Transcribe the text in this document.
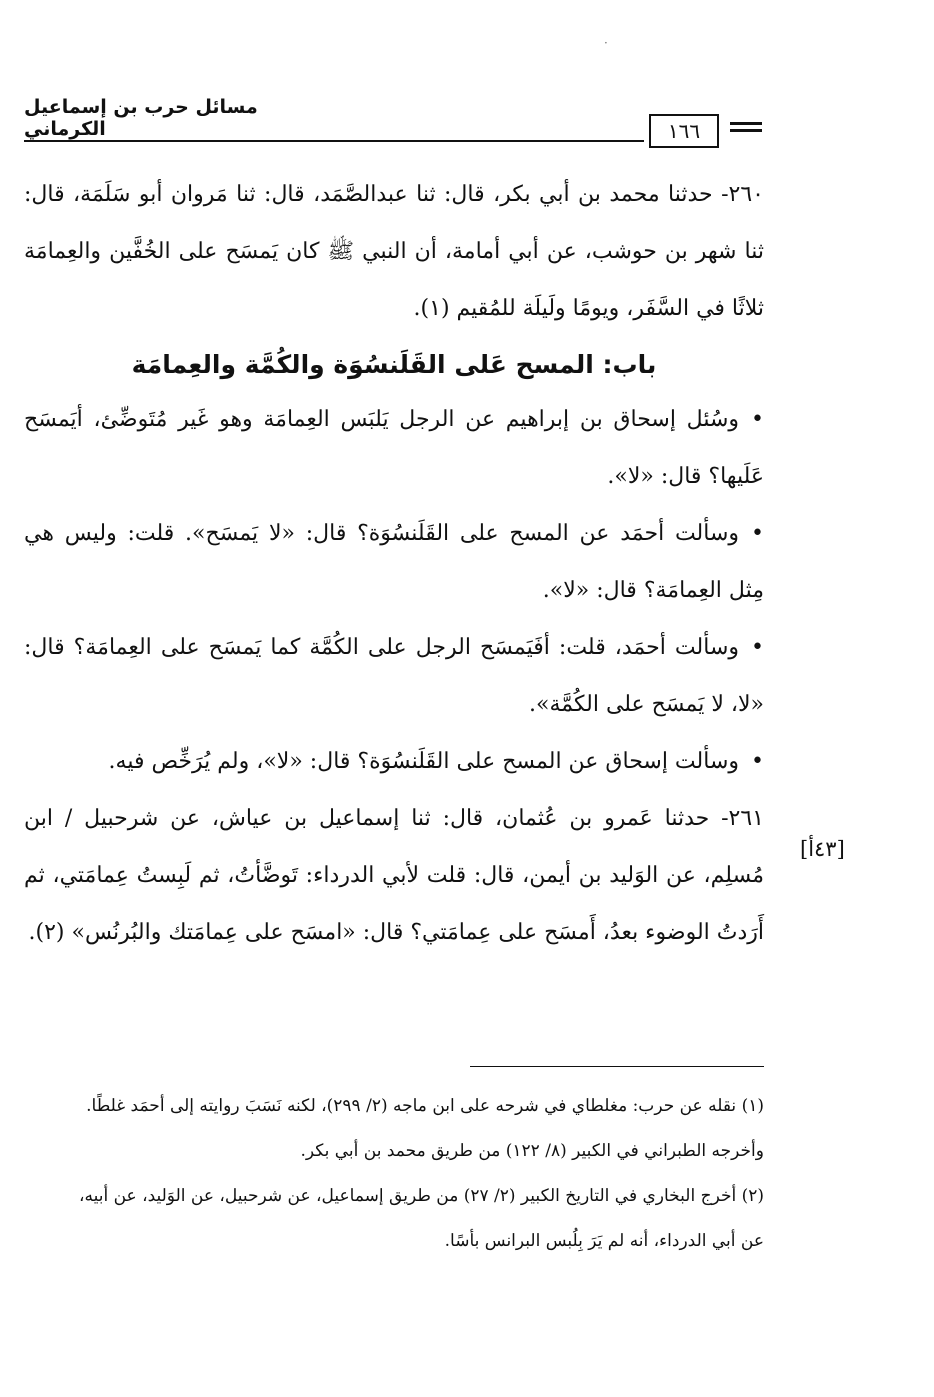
·
مسائل حرب بن إسماعيل الكرماني	١٦٦

٢٦٠- حدثنا محمد بن أبي بكر، قال: ثنا عبدالصَّمَد، قال: ثنا مَروان أبو سَلَمَة، قال: ثنا شهر بن حوشب، عن أبي أمامة، أن النبي ﷺ كان يَمسَح على الخُفَّين والعِمامَة ثلاثًا في السَّفَر، ويومًا ولَيلَة للمُقيم (١).

باب: المسح عَلى القَلَنسُوَة والكُمَّة والعِمامَة

• وسُئل إسحاق بن إبراهيم عن الرجل يَلبَس العِمامَة وهو غَير مُتَوضِّئ، أيَمسَح عَلَيها؟ قال: «لا».

• وسألت أحمَد عن المسح على القَلَنسُوَة؟ قال: «لا يَمسَح». قلت: وليس هي مِثل العِمامَة؟ قال: «لا».

• وسألت أحمَد، قلت: أفَيَمسَح الرجل على الكُمَّة كما يَمسَح على العِمامَة؟ قال: «لا، لا يَمسَح على الكُمَّة».

• وسألت إسحاق عن المسح على القَلَنسُوَة؟ قال: «لا»، ولم يُرَخِّص فيه.

٢٦١- حدثنا عَمرو بن عُثمان، قال: ثنا إسماعيل بن عياش، عن شرحبيل / ابن مُسلِم، عن الوَليد بن أيمن، قال: قلت لأبي الدرداء: تَوضَّأتُ، ثم لَبِستُ عِمامَتي، ثم أَرَدتُ الوضوء بعدُ، أَمسَح على عِمامَتي؟ قال: «امسَح على عِمامَتك والبُرنُس» (٢).

[٤٣أ]

(١) نقله عن حرب: مغلطاي في شرحه على ابن ماجه (٢/ ٢٩٩)، لكنه نَسَبَ روايته إلى أحمَد غلطًا.

وأخرجه الطبراني في الكبير (٨/ ١٢٢) من طريق محمد بن أبي بكر.

(٢) أخرج البخاري في التاريخ الكبير (٢/ ٢٧) من طريق إسماعيل، عن شرحبيل، عن الوَليد، عن أبيه،

عن أبي الدرداء، أنه لم يَرَ بِلُبس البرانس بأسًا.
